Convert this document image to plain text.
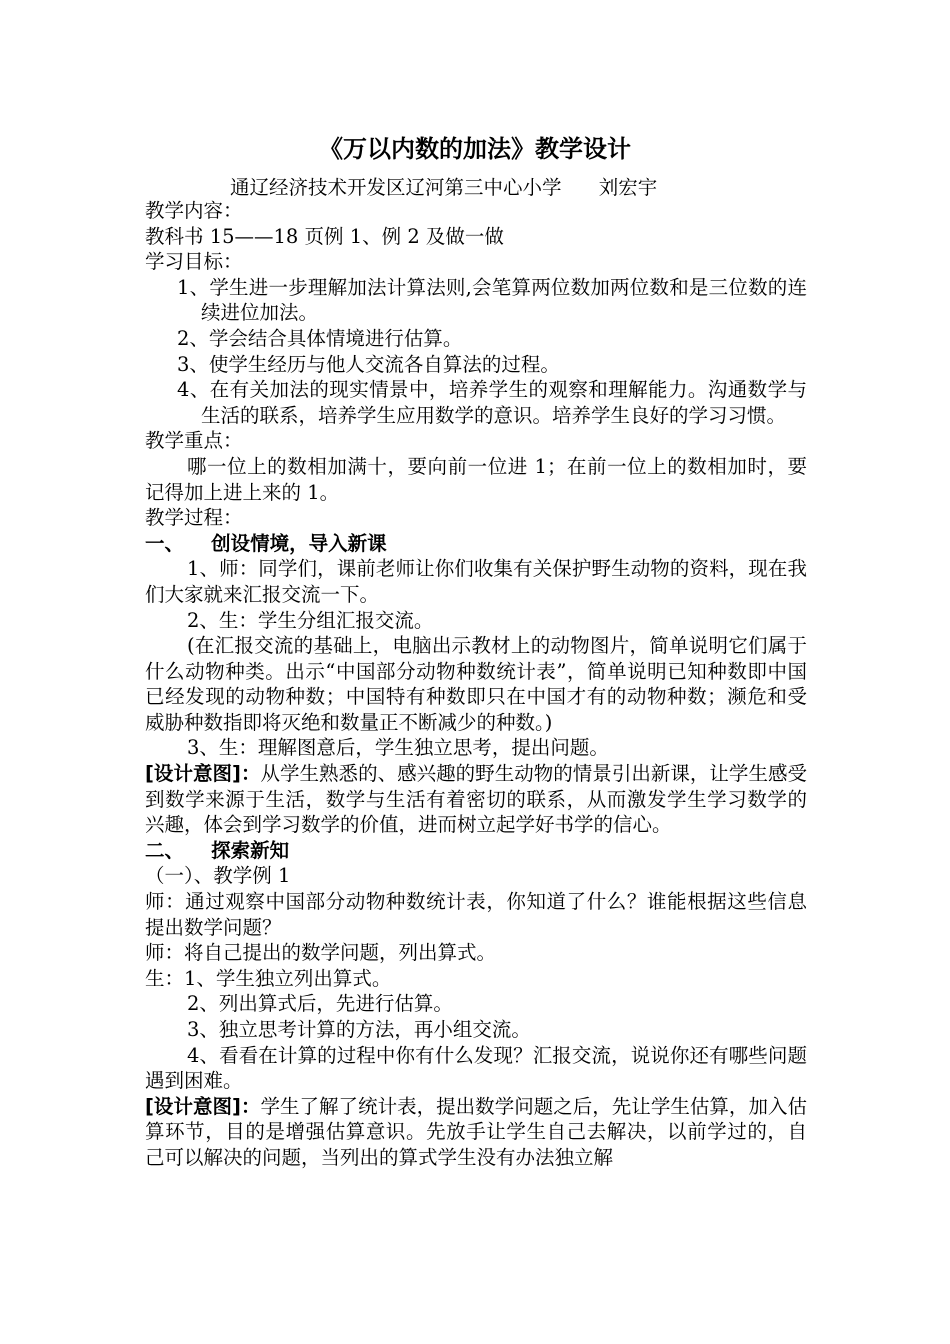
《万以内数的加法》教学设计
通辽经济技术开发区辽河第三中心小学      刘宏宇

教学内容：

教科书 15——18 页例 1、例 2 及做一做

学习目标：

1、学生进一步理解加法计算法则,会笔算两位数加两位数和是三位数的连续进位加法。

2、学会结合具体情境进行估算。

3、使学生经历与他人交流各自算法的过程。

4、在有关加法的现实情景中，培养学生的观察和理解能力。沟通数学与生活的联系，培养学生应用数学的意识。培养学生良好的学习习惯。

教学重点：

哪一位上的数相加满十，要向前一位进 1；在前一位上的数相加时，要记得加上进上来的 1。

教学过程：

一、    创设情境，导入新课

1、师：同学们，课前老师让你们收集有关保护野生动物的资料，现在我们大家就来汇报交流一下。

2、生：学生分组汇报交流。

(在汇报交流的基础上，电脑出示教材上的动物图片，简单说明它们属于什么动物种类。出示“中国部分动物种数统计表”，简单说明已知种数即中国已经发现的动物种数；中国特有种数即只在中国才有的动物种数；濒危和受威胁种数指即将灭绝和数量正不断减少的种数。)

3、生：理解图意后，学生独立思考，提出问题。

[设计意图]：从学生熟悉的、感兴趣的野生动物的情景引出新课，让学生感受到数学来源于生活，数学与生活有着密切的联系，从而激发学生学习数学的兴趣，体会到学习数学的价值，进而树立起学好书学的信心。

二、    探索新知

（一）、教学例 1

师：通过观察中国部分动物种数统计表，你知道了什么？谁能根据这些信息提出数学问题？

师：将自己提出的数学问题，列出算式。

生：1、学生独立列出算式。

2、列出算式后，先进行估算。

3、独立思考计算的方法，再小组交流。

4、看看在计算的过程中你有什么发现？汇报交流，说说你还有哪些问题遇到困难。

[设计意图]：学生了解了统计表，提出数学问题之后，先让学生估算，加入估算环节，目的是增强估算意识。先放手让学生自己去解决，以前学过的，自己可以解决的问题，当列出的算式学生没有办法独立解
